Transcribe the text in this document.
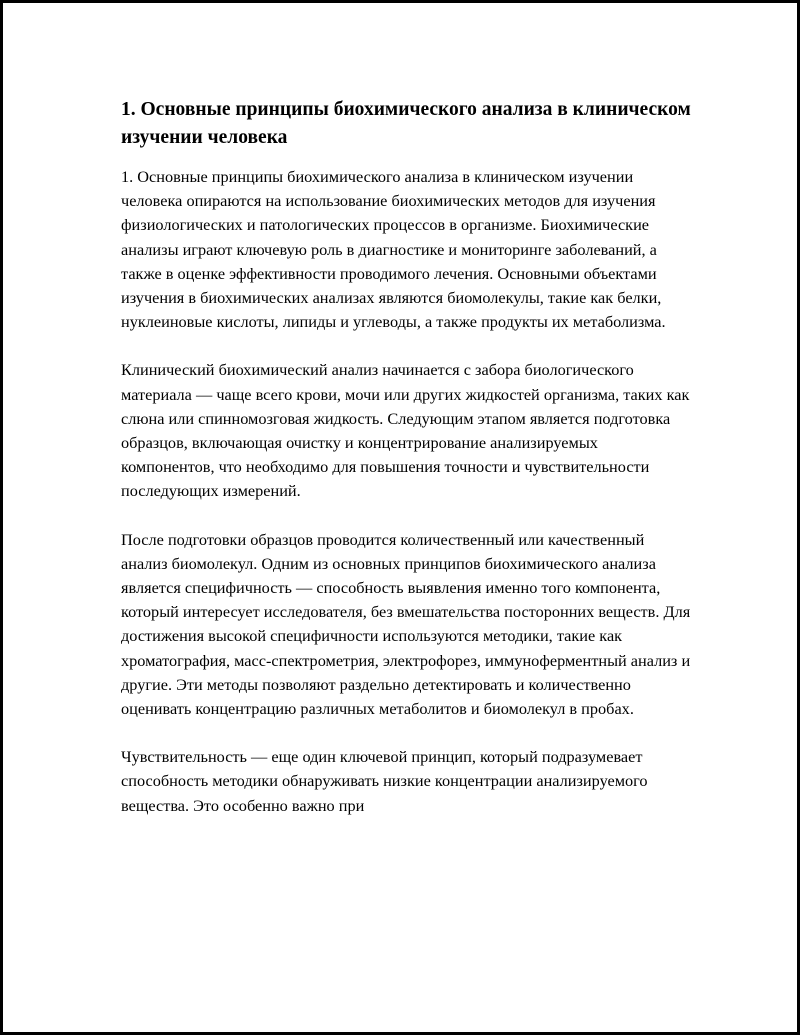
1. Основные принципы биохимического анализа в клиническом изучении человека

1. Основные принципы биохимического анализа в клиническом изучении человека опираются на использование биохимических методов для изучения физиологических и патологических процессов в организме. Биохимические анализы играют ключевую роль в диагностике и мониторинге заболеваний, а также в оценке эффективности проводимого лечения. Основными объектами изучения в биохимических анализах являются биомолекулы, такие как белки, нуклеиновые кислоты, липиды и углеводы, а также продукты их метаболизма.

Клинический биохимический анализ начинается с забора биологического материала — чаще всего крови, мочи или других жидкостей организма, таких как слюна или спинномозговая жидкость. Следующим этапом является подготовка образцов, включающая очистку и концентрирование анализируемых компонентов, что необходимо для повышения точности и чувствительности последующих измерений.

После подготовки образцов проводится количественный или качественный анализ биомолекул. Одним из основных принципов биохимического анализа является специфичность — способность выявления именно того компонента, который интересует исследователя, без вмешательства посторонних веществ. Для достижения высокой специфичности используются методики, такие как хроматография, масс-спектрометрия, электрофорез, иммуноферментный анализ и другие. Эти методы позволяют раздельно детектировать и количественно оценивать концентрацию различных метаболитов и биомолекул в пробах.

Чувствительность — еще один ключевой принцип, который подразумевает способность методики обнаруживать низкие концентрации анализируемого вещества. Это особенно важно при
